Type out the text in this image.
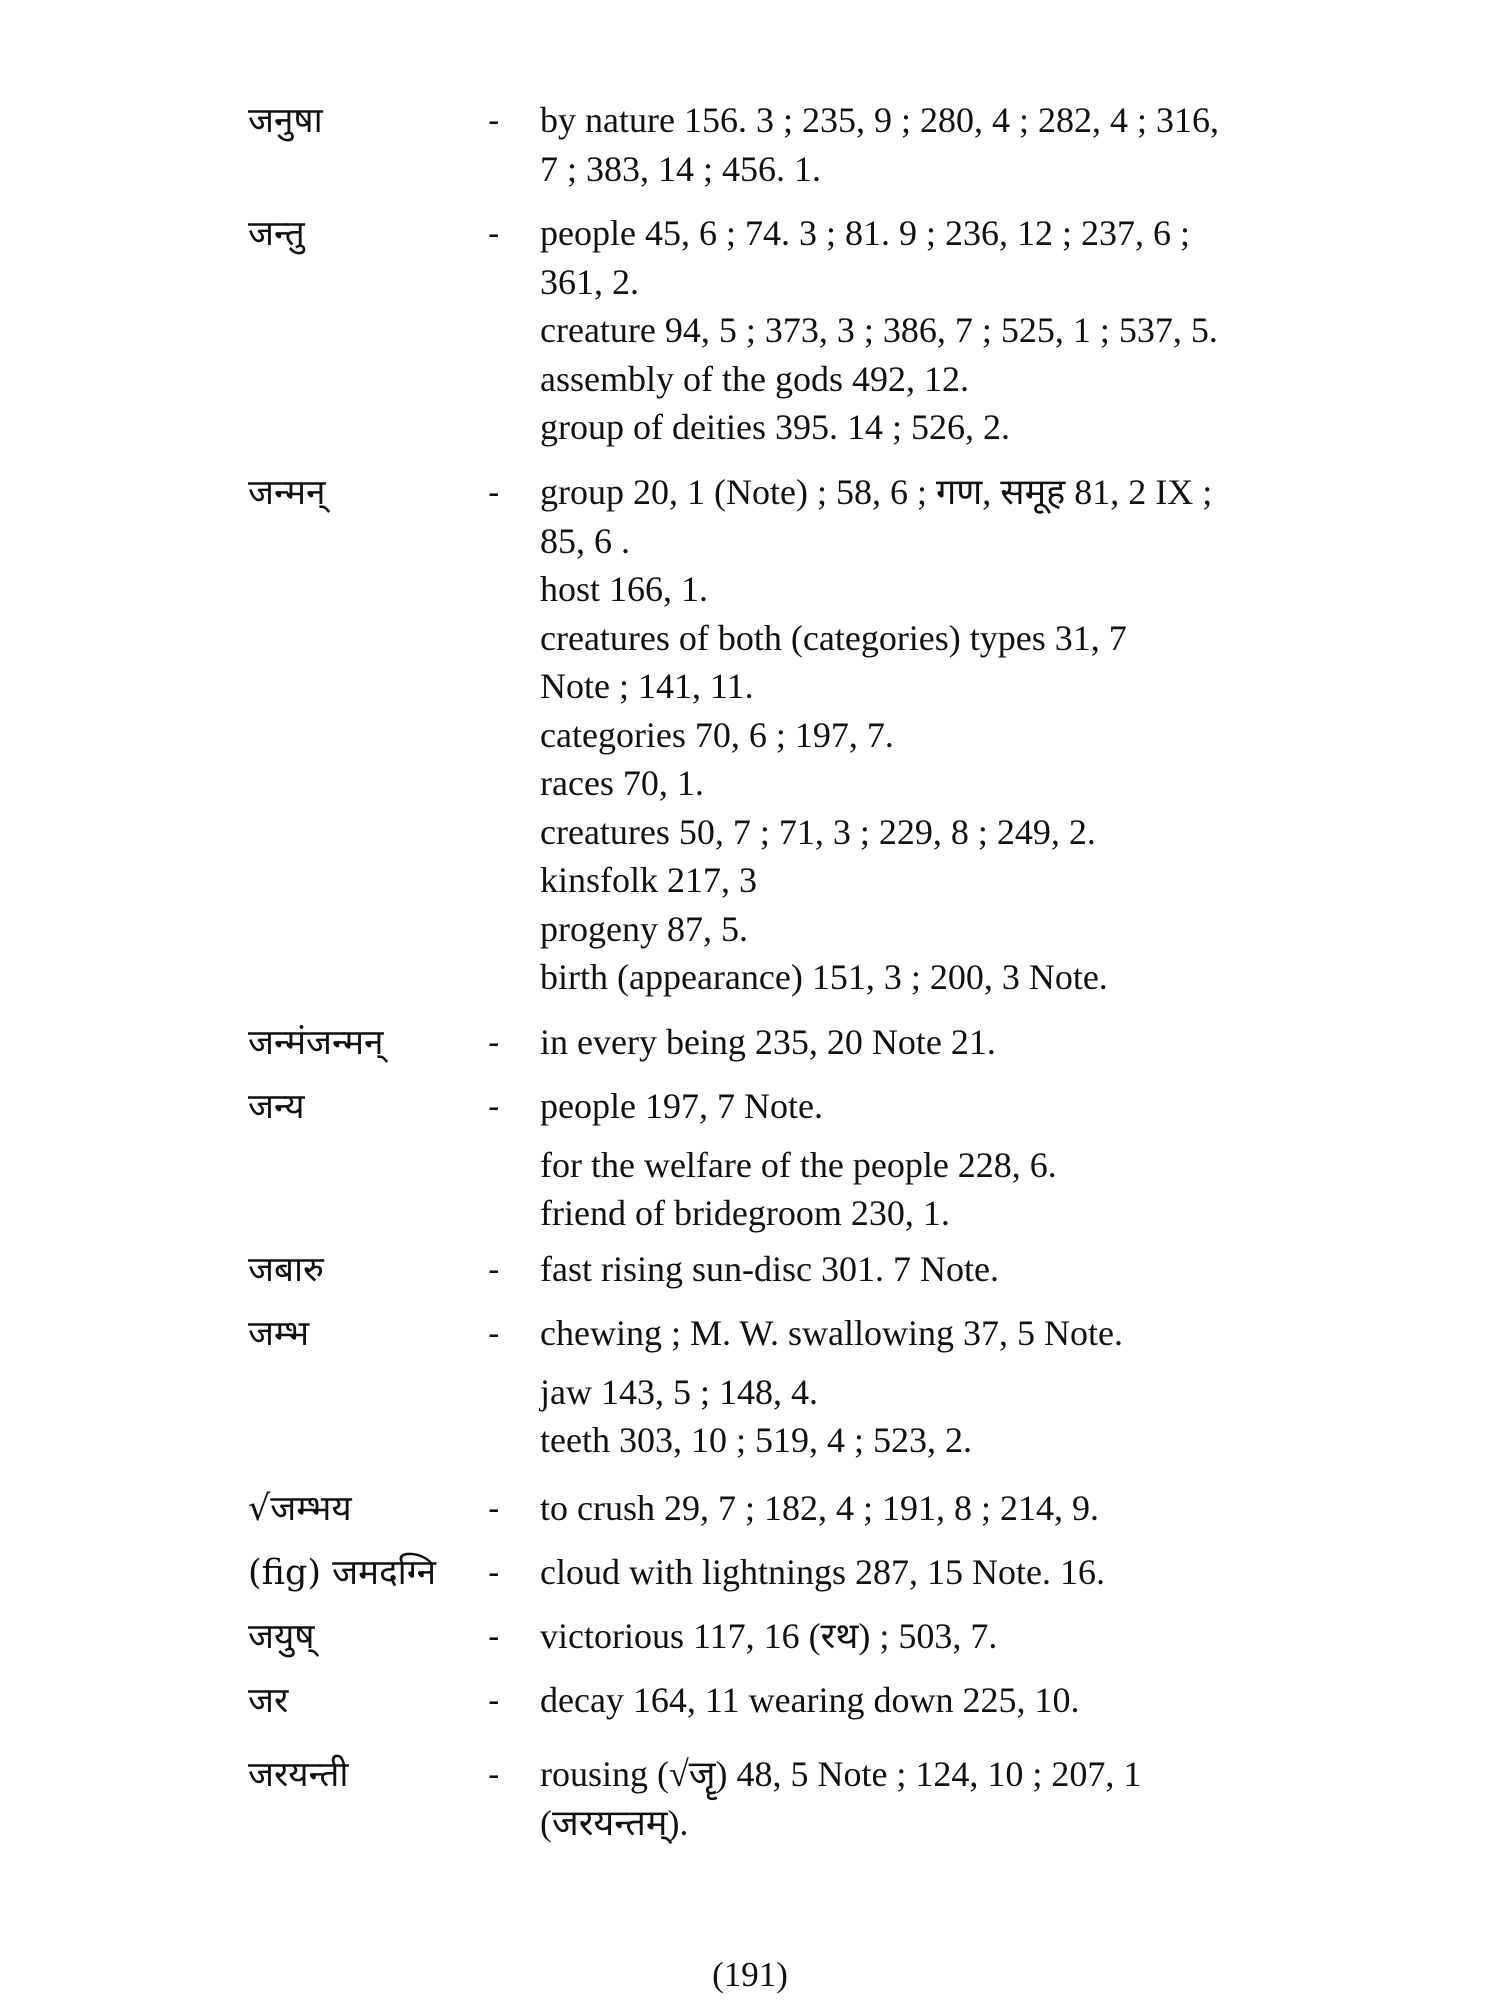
जनुषा	- by nature 156. 3 ; 235, 9 ; 280, 4 ; 282, 4 ; 316,
7 ; 383, 14 ; 456. 1.
जन्तु	- people 45, 6 ; 74. 3 ; 81. 9 ; 236, 12 ; 237, 6 ;
361, 2.
creature 94, 5 ; 373, 3 ; 386, 7 ; 525, 1 ; 537, 5.
assembly of the gods 492, 12.
group of deities 395. 14 ; 526, 2.
जन्मन्	- group 20, 1 (Note) ; 58, 6 ; गण, समूह 81, 2 IX ;
85, 6 .
host 166, 1.
creatures of both (categories) types 31, 7
Note ; 141, 11.
categories 70, 6 ; 197, 7.
races 70, 1.
creatures 50, 7 ; 71, 3 ; 229, 8 ; 249, 2.
kinsfolk 217, 3
progeny 87, 5.
birth (appearance) 151, 3 ; 200, 3 Note.
जन्मंजन्मन्	- in every being 235, 20 Note 21.
जन्य	- people 197, 7 Note.
for the welfare of the people 228, 6.
friend of bridegroom 230, 1.
जबारु	- fast rising sun-disc 301. 7 Note.
जम्भ	- chewing ; M. W. swallowing 37, 5 Note.
jaw 143, 5 ; 148, 4.
teeth 303, 10 ; 519, 4 ; 523, 2.
√जम्भय	- to crush 29, 7 ; 182, 4 ; 191, 8 ; 214, 9.
(fig) जमदग्नि - cloud with lightnings 287, 15 Note. 16.
जयुष्	- victorious 117, 16 (रथ) ; 503, 7.
जर	- decay 164, 11 wearing down 225, 10.
जरयन्ती	- rousing (√जॄ) 48, 5 Note ; 124, 10 ; 207, 1
(जरयन्तम्).
(191)
